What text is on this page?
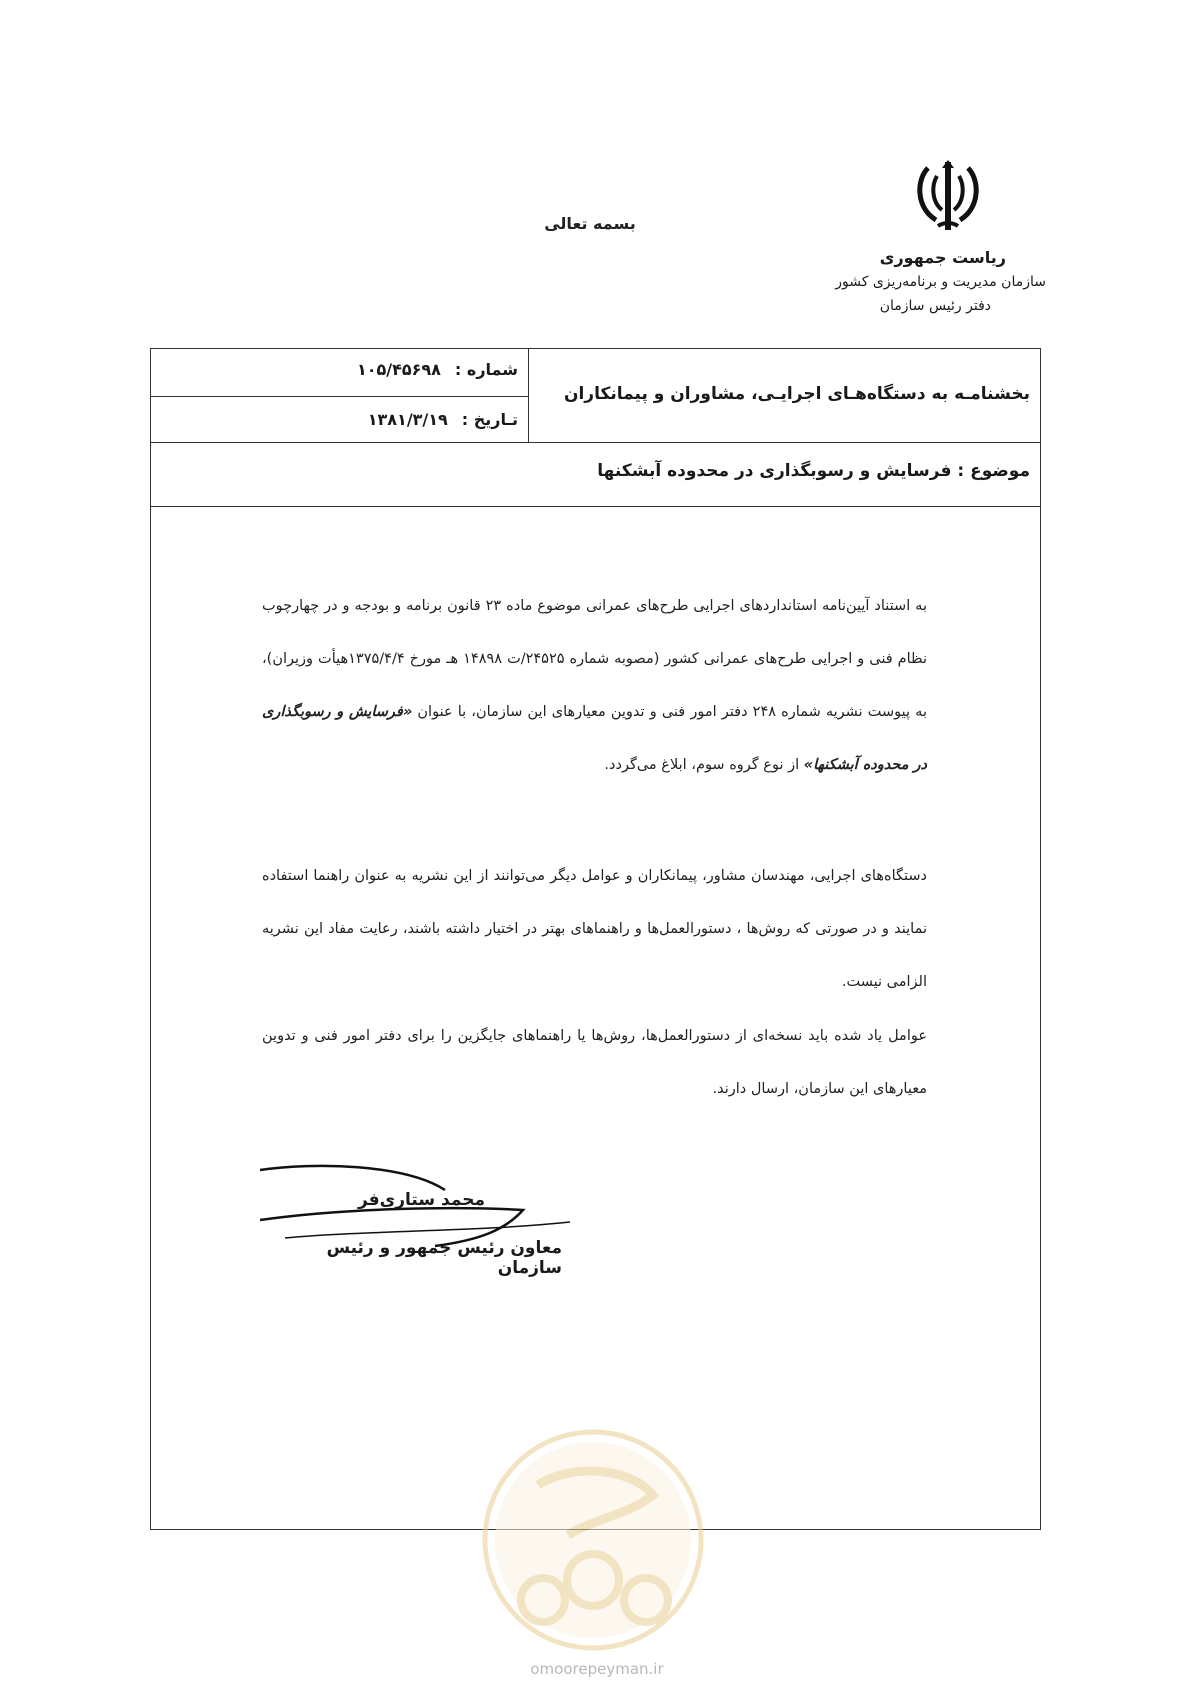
بسمه تعالی
ریاست جمهوری
سازمان مدیریت و برنامه‌ریزی کشور
دفتر رئیس سازمان
شماره :۱۰۵/۴۵۶۹۸
تـاریخ :۱۳۸۱/۳/۱۹
بخشنامـه به دستگاه‌هـای اجرایـی، مشاوران و پیمانکاران
موضوع : فرسایش و رسوبگذاری در محدوده آبشکنها
به استناد آیین‌نامه استانداردهای اجرایی طرح‌های عمرانی موضوع ماده ۲۳ قانون برنامه و بودجه و در چهارچوب نظام فنی و اجرایی طرح‌های عمرانی کشور (مصوبه شماره ۲۴۵۲۵/ت ۱۴۸۹۸ هـ مورخ ۱۳۷۵/۴/۴هیأت وزیران)، به پیوست نشریه شماره ۲۴۸ دفتر امور فنی و تدوین معیارهای این سازمان، با عنوان «فرسایش و رسوبگذاری در محدوده آبشکنها» از نوع گروه سوم، ابلاغ می‌گردد.
دستگاه‌های اجرایی، مهندسان مشاور، پیمانکاران و عوامل دیگر می‌توانند از این نشریه به عنوان راهنما استفاده نمایند و در صورتی که روش‌ها ، دستورالعمل‌ها و راهنماهای بهتر در اختیار داشته باشند، رعایت مفاد این نشریه الزامی نیست.
عوامل یاد شده باید نسخه‌ای از دستورالعمل‌ها، روش‌ها یا راهنماهای جایگزین را برای دفتر امور فنی و تدوین معیارهای این سازمان، ارسال دارند.
محمد ستاری‌فر
معاون رئیس جمهور و رئیس سازمان
omoorepeyman.ir
